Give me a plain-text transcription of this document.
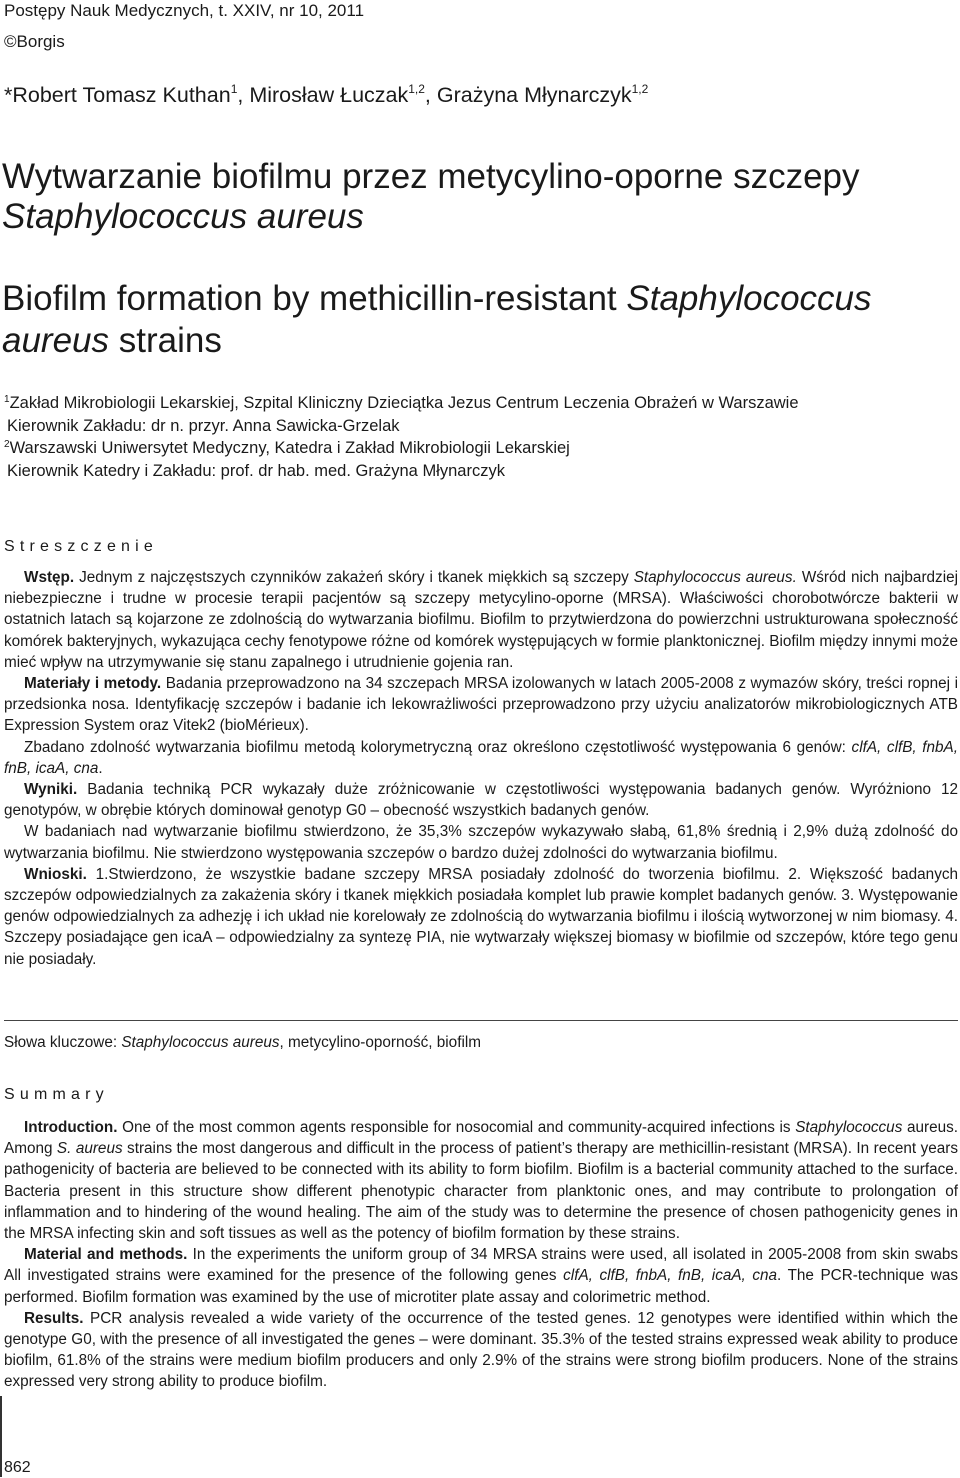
Postępy Nauk Medycznych, t. XXIV, nr 10, 2011
©Borgis
*Robert Tomasz Kuthan$^1$, Mirosław Łuczak$^{1,2}$, Grażyna Młynarczyk$^{1,2}$
Wytwarzanie biofilmu przez metycylino-oporne szczepy Staphylococcus aureus
Biofilm formation by methicillin-resistant Staphylococcus aureus strains
$^1$Zakład Mikrobiologii Lekarskiej, Szpital Kliniczny Dzieciątka Jezus Centrum Leczenia Obrażeń w Warszawie
Kierownik Zakładu: dr n. przyr. Anna Sawicka-Grzelak
$^2$Warszawski Uniwersytet Medyczny, Katedra i Zakład Mikrobiologii Lekarskiej
Kierownik Katedry i Zakładu: prof. dr hab. med. Grażyna Młynarczyk
Streszczenie

Wstęp. Jednym z najczęstszych czynników zakażeń skóry i tkanek miękkich są szczepy Staphylococcus aureus. Wśród nich najbardziej niebezpieczne i trudne w procesie terapii pacjentów są szczepy metycylino-oporne (MRSA). Właściwości chorobotwórcze bakterii w ostatnich latach są kojarzone ze zdolnością do wytwarzania biofilmu. Biofilm to przytwierdzona do powierzchni ustrukturowana społeczność komórek bakteryjnych, wykazująca cechy fenotypowe różne od komórek występujących w formie planktonicznej. Biofilm między innymi może mieć wpływ na utrzymywanie się stanu zapalnego i utrudnienie gojenia ran.

Materiały i metody. Badania przeprowadzono na 34 szczepach MRSA izolowanych w latach 2005-2008 z wymazów skóry, treści ropnej i przedsionka nosa. Identyfikację szczepów i badanie ich lekowrażliwości przeprowadzono przy użyciu analizatorów mikrobiologicznych ATB Expression System oraz Vitek2 (bioMérieux).

Zbadano zdolność wytwarzania biofilmu metodą kolorymetryczną oraz określono częstotliwość występowania 6 genów: clfA, clfB, fnbA, fnB, icaA, cna.

Wyniki. Badania techniką PCR wykazały duże zróżnicowanie w częstotliwości występowania badanych genów. Wyróżniono 12 genotypów, w obrębie których dominował genotyp G0 – obecność wszystkich badanych genów.

W badaniach nad wytwarzanie biofilmu stwierdzono, że 35,3% szczepów wykazywało słabą, 61,8% średnią i 2,9% dużą zdolność do wytwarzania biofilmu. Nie stwierdzono występowania szczepów o bardzo dużej zdolności do wytwarzania biofilmu.

Wnioski. 1.Stwierdzono, że wszystkie badane szczepy MRSA posiadały zdolność do tworzenia biofilmu. 2. Większość badanych szczepów odpowiedzialnych za zakażenia skóry i tkanek miękkich posiadała komplet lub prawie komplet badanych genów. 3. Występowanie genów odpowiedzialnych za adhezję i ich układ nie korelowały ze zdolnością do wytwarzania biofilmu i ilością wytworzonej w nim biomasy. 4. Szczepy posiadające gen icaA – odpowiedzialny za syntezę PIA, nie wytwarzały większej biomasy w biofilmie od szczepów, które tego genu nie posiadały.

Słowa kluczowe: Staphylococcus aureus, metycylino-oporność, biofilm
Summary

Introduction. One of the most common agents responsible for nosocomial and community-acquired infections is Staphylococcus aureus. Among S. aureus strains the most dangerous and difficult in the process of patient’s therapy are methicillin-resistant (MRSA). In recent years pathogenicity of bacteria are believed to be connected with its ability to form biofilm. Biofilm is a bacterial community attached to the surface. Bacteria present in this structure show different phenotypic character from planktonic ones, and may contribute to prolongation of inflammation and to hindering of the wound healing. The aim of the study was to determine the presence of chosen pathogenicity genes in the MRSA infecting skin and soft tissues as well as the potency of biofilm formation by these strains.

Material and methods. In the experiments the uniform group of 34 MRSA strains were used, all isolated in 2005-2008 from skin swabs All investigated strains were examined for the presence of the following genes clfA, clfB, fnbA, fnB, icaA, cna. The PCR-technique was performed. Biofilm formation was examined by the use of microtiter plate assay and colorimetric method.

Results. PCR analysis revealed a wide variety of the occurrence of the tested genes. 12 genotypes were identified within which the genotype G0, with the presence of all investigated the genes – were dominant. 35.3% of the tested strains expressed weak ability to produce biofilm, 61.8% of the strains were medium biofilm producers and only 2.9% of the strains were strong biofilm producers. None of the strains expressed very strong ability to produce biofilm.

862
